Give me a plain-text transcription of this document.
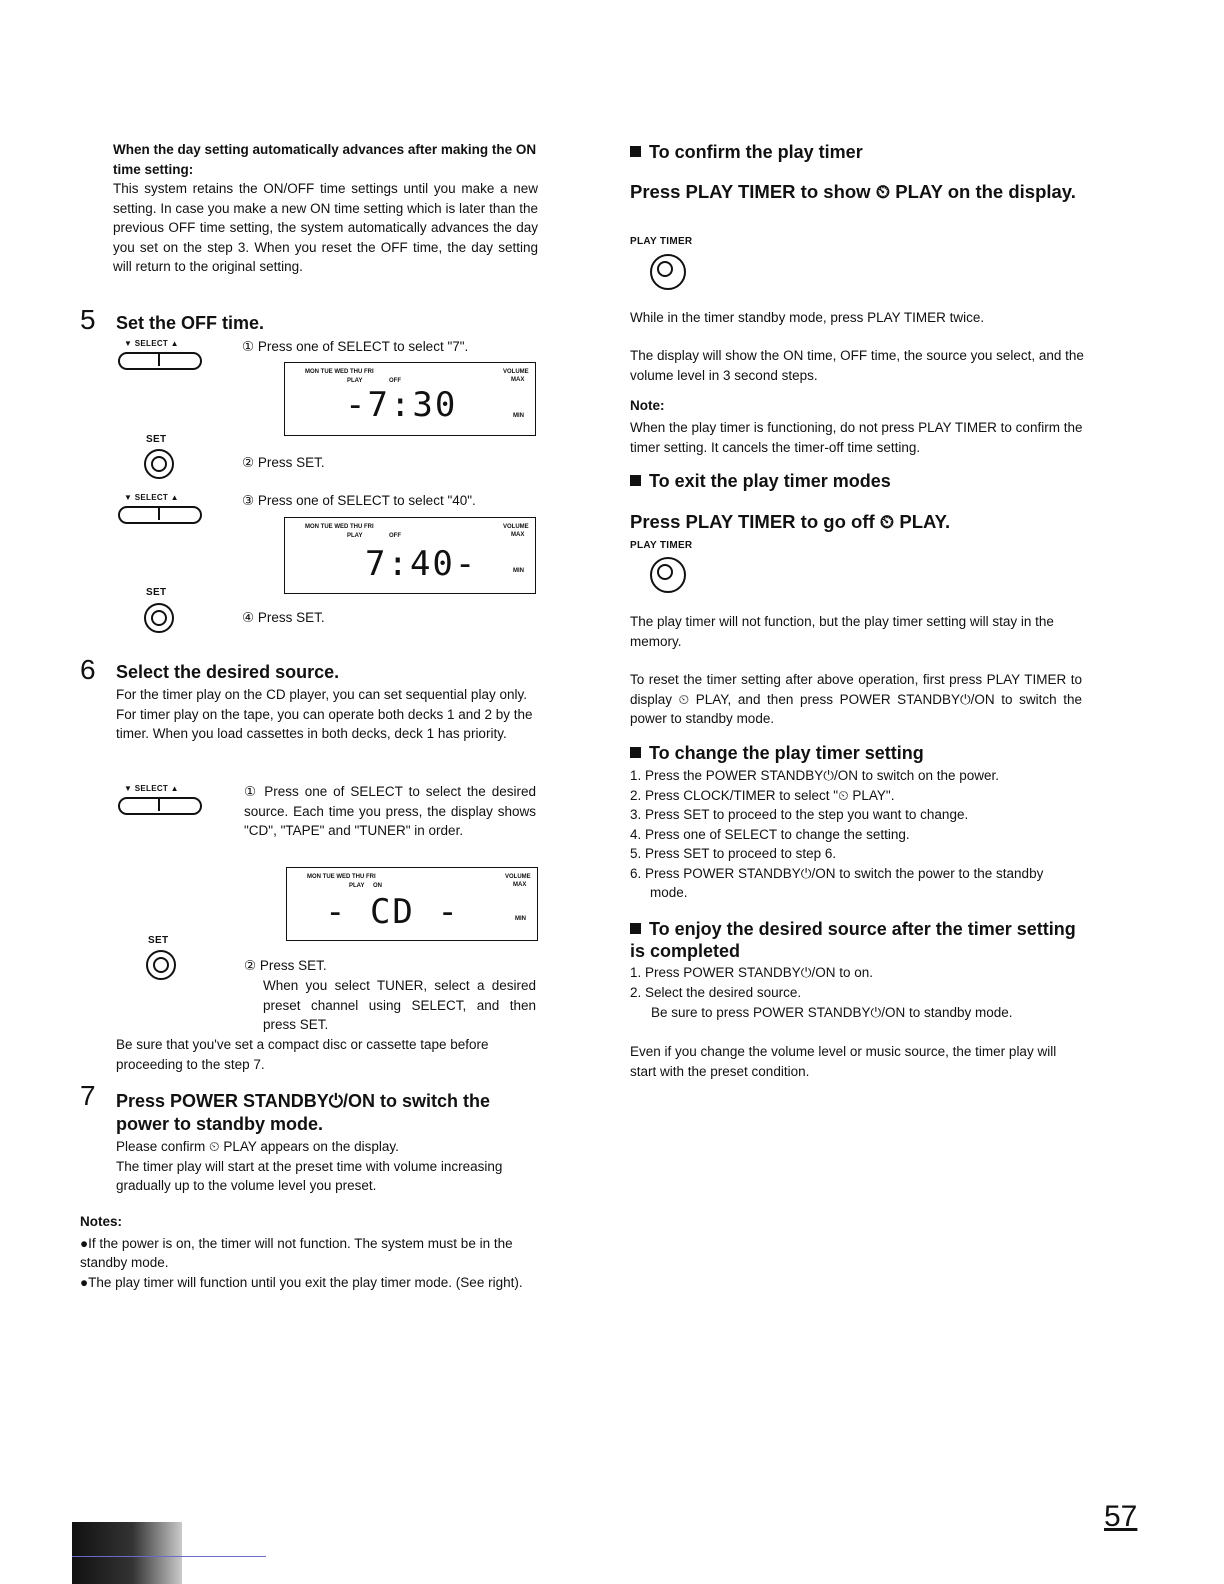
When the day setting automatically advances after making the ON time setting:

This system retains the ON/OFF time settings until you make a new setting. In case you make a new ON time setting which is later than the previous OFF time setting, the system automatically advances the day you set on the step 3. When you reset the OFF time, the day setting will return to the original setting.

5 Set the OFF time.
▼ SELECT ▲	① Press one of SELECT to select "7".
MON TUE WED THU FRI
PLAY	OFF
VOLUME
MAX
MIN
-7:30
SET
② Press SET.
▼ SELECT ▲	③ Press one of SELECT to select "40".
MON TUE WED THU FRI
PLAY	OFF
VOLUME
MAX
MIN
7:40-
SET
④ Press SET.
6 Select the desired source.

For the timer play on the CD player, you can set sequential play only.

For timer play on the tape, you can operate both decks 1 and 2 by the timer. When you load cassettes in both decks, deck 1 has priority.

▼ SELECT ▲	① Press one of SELECT to select the desired source. Each time you press, the display shows "CD", "TAPE" and "TUNER" in order.
MON TUE WED THU FRI
PLAY ON
VOLUME
MAX
MIN
- CD -
SET
② Press SET.
When you select TUNER, select a desired preset channel using SELECT, and then press SET.
Be sure that you've set a compact disc or cassette tape before proceeding to the step 7.
7 Press POWER STANDBY⏻/ON to switch the power to standby mode.

Please confirm ⏲ PLAY appears on the display.

The timer play will start at the preset time with volume increasing gradually up to the volume level you preset.

Notes:

●If the power is on, the timer will not function. The system must be in the standby mode.

●The play timer will function until you exit the play timer mode. (See right).

To confirm the play timer
Press PLAY TIMER to show ⏲ PLAY on the display.
PLAY TIMER
While in the timer standby mode, press PLAY TIMER twice.
The display will show the ON time, OFF time, the source you select, and the volume level in 3 second steps.
Note:
When the play timer is functioning, do not press PLAY TIMER to confirm the timer setting. It cancels the timer-off time setting.
To exit the play timer modes
Press PLAY TIMER to go off ⏲ PLAY.
PLAY TIMER
The play timer will not function, but the play timer setting will stay in the memory.
To reset the timer setting after above operation, first press PLAY TIMER to display ⏲ PLAY, and then press POWER STANDBY⏻/ON to switch the power to standby mode.
To change the play timer setting
1. Press the POWER STANDBY⏻/ON to switch on the power.
2. Press CLOCK/TIMER to select "⏲ PLAY".
3. Press SET to proceed to the step you want to change.
4. Press one of SELECT to change the setting.
5. Press SET to proceed to step 6.
6. Press POWER STANDBY⏻/ON to switch the power to the standby mode.
To enjoy the desired source after the timer setting is completed
1. Press POWER STANDBY⏻/ON to on.
2. Select the desired source.
Be sure to press POWER STANDBY⏻/ON to standby mode.
Even if you change the volume level or music source, the timer play will start with the preset condition.
57
